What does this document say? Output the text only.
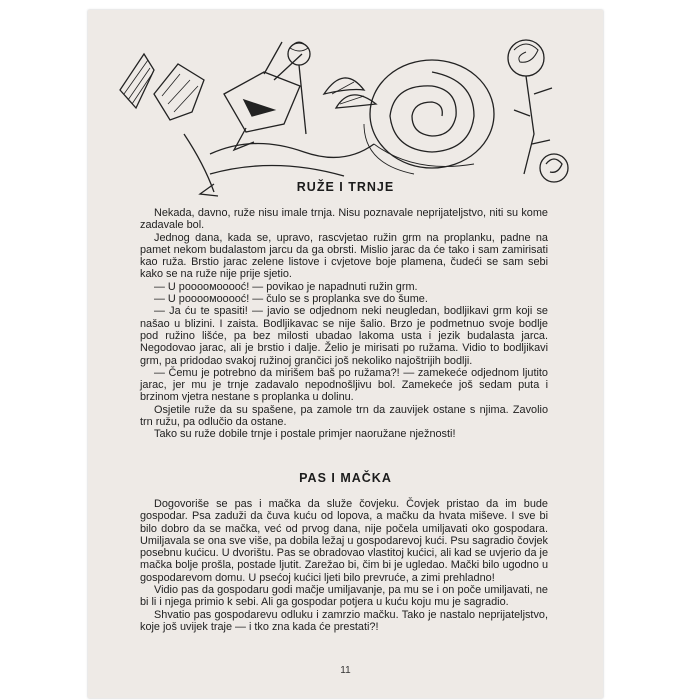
RUŽE I TRNJE

Nekada, davno, ruže nisu imale trnja. Nisu poznavale neprijateljstvo, niti su kome zadavale bol.

Jednog dana, kada se, upravo, rascvjetao ružin grm na proplanku, padne na pamet nekom budalastom jarcu da ga obrsti. Mislio jarac da će tako i sam zamirisati kao ruža. Brstio jarac zelene listove i cvjetove boje plamena, čudeći se sam sebi kako se na ruže nije prije sjetio.

— U pooooмooooć! — povikao je napadnuti ružin grm.

— U pooooмooooć! — čulo se s proplanka sve do šume.

— Ja ću te spasiti! — javio se odjednom neki neugledan, bodljikavi grm koji se našao u blizini. I zaista. Bodljikavac se nije šalio. Brzo je podmetnuo svoje bodlje pod ružino lišće, pa bez milosti ubadao lakoma usta i jezik budalasta jarca. Negodovao jarac, ali je brstio i dalje. Želio je mirisati po ružama. Vidio to bodljikavi grm, pa pridodao svakoj ružinoj grančici još nekoliko najoštrijih bodlji.

— Čemu je potrebno da mirišem baš po ružama?! — zamekeće odjednom ljutito jarac, jer mu je trnje zadavalo nepodnošljivu bol. Zamekeće još sedam puta i brzinom vjetra nestane s proplanka u dolinu.

Osjetile ruže da su spašene, pa zamole trn da zauvijek ostane s njima. Zavolio trn ružu, pa odlučio da ostane.

Tako su ruže dobile trnje i postale primjer naoružane nježnosti!

PAS I MAČKA

Dogovoriše se pas i mačka da služe čovjeku. Čovjek pristao da im bude gospodar. Psa zaduži da čuva kuću od lopova, a mačku da hvata miševe. I sve bi bilo dobro da se mačka, već od prvog dana, nije počela umiljavati oko gospodara. Umiljavala se ona sve više, pa dobila ležaj u gospodarevoj kući. Psu sagradio čovjek posebnu kućicu. U dvorištu. Pas se obradovao vlastitoj kućici, ali kad se uvjerio da je mačka bolje prošla, postade ljutit. Zarežao bi, čim bi je ugledao. Mački bilo ugodno u gospodarevom domu. U psećoj kućici ljeti bilo prevruće, a zimi prehladno!

Vidio pas da gospodaru godi mačje umiljavanje, pa mu se i on poče umiljavati, ne bi li i njega primio k sebi. Ali ga gospodar potjera u kuću koju mu je sagradio.

Shvatio pas gospodarevu odluku i zamrzio mačku. Tako je nastalo neprijateljstvo, koje još uvijek traje — i tko zna kada će prestati?!

11
